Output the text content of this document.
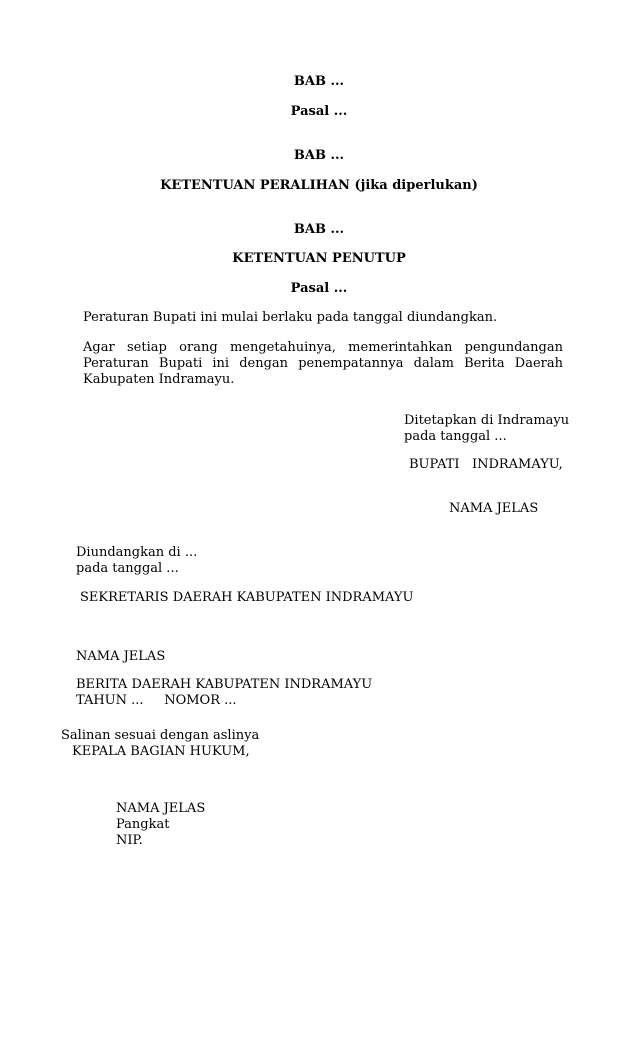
BAB ...
Pasal ...
BAB ...
KETENTUAN PERALIHAN (jika diperlukan)
BAB ...
KETENTUAN PENUTUP
Pasal ...
Peraturan Bupati ini mulai berlaku pada tanggal diundangkan.
Agar setiap orang mengetahuinya, memerintahkan pengundangan Peraturan Bupati ini dengan penempatannya dalam Berita Daerah Kabupaten Indramayu.
Ditetapkan di Indramayu
pada tanggal ...
BUPATI   INDRAMAYU,
NAMA JELAS
Diundangkan di ...
pada tanggal ...
SEKRETARIS DAERAH KABUPATEN INDRAMAYU
NAMA JELAS
BERITA DAERAH KABUPATEN INDRAMAYU
TAHUN ...     NOMOR ...
Salinan sesuai dengan aslinya
KEPALA BAGIAN HUKUM,
NAMA JELAS
Pangkat
NIP.
